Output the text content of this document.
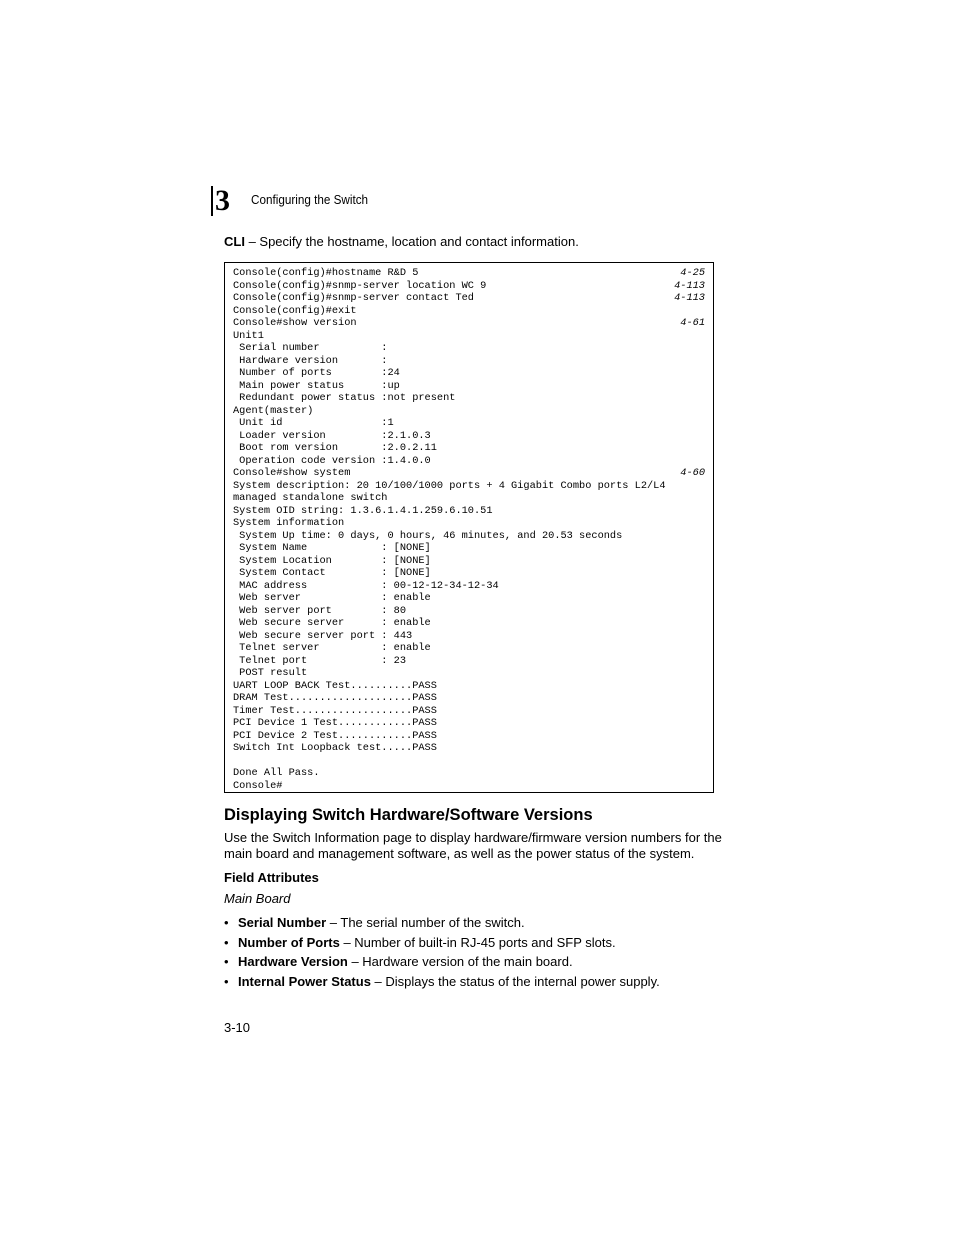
3 Configuring the Switch
CLI – Specify the hostname, location and contact information.
Console(config)#hostname R&D 5	4-25
Console(config)#snmp-server location WC 9	4-113
Console(config)#snmp-server contact Ted	4-113
Console(config)#exit
Console#show version	4-61
Unit1
Serial number          :
Hardware version       :
Number of ports        :24
Main power status      :up
Redundant power status :not present
Agent(master)
Unit id                :1
Loader version         :2.1.0.3
Boot rom version       :2.0.2.11
Operation code version :1.4.0.0
Console#show system	4-60
System description: 20 10/100/1000 ports + 4 Gigabit Combo ports L2/L4
managed standalone switch
System OID string: 1.3.6.1.4.1.259.6.10.51
System information
System Up time: 0 days, 0 hours, 46 minutes, and 20.53 seconds
System Name            : [NONE]
System Location        : [NONE]
System Contact         : [NONE]
MAC address            : 00-12-12-34-12-34
Web server             : enable
Web server port        : 80
Web secure server      : enable
Web secure server port : 443
Telnet server          : enable
Telnet port            : 23
POST result
UART LOOP BACK Test..........PASS
DRAM Test....................PASS
Timer Test...................PASS
PCI Device 1 Test............PASS
PCI Device 2 Test............PASS
Switch Int Loopback test.....PASS
Done All Pass.
Console#
Displaying Switch Hardware/Software Versions

Use the Switch Information page to display hardware/firmware version numbers for the main board and management software, as well as the power status of the system.

Field Attributes
Main Board
• Serial Number – The serial number of the switch.
• Number of Ports – Number of built-in RJ-45 ports and SFP slots.
• Hardware Version – Hardware version of the main board.
• Internal Power Status – Displays the status of the internal power supply.
3-10
